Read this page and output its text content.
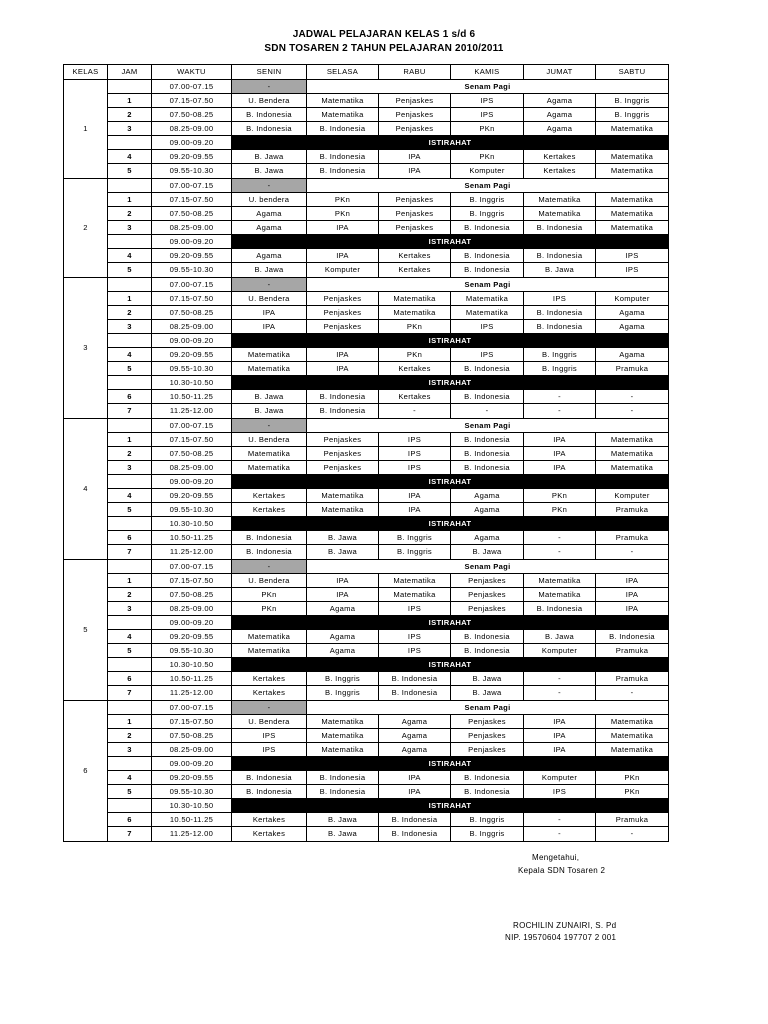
JADWAL PELAJARAN KELAS 1 s/d 6
SDN TOSAREN 2 TAHUN PELAJARAN 2010/2011
KELAS	JAM	WAKTU	SENIN	SELASA	RABU	KAMIS	JUMAT	SABTU
1		07.00-07.15	-	Senam Pagi				
	1	07.15-07.50	U. Bendera	Matematika	Penjaskes	IPS	Agama	B. Inggris
	2	07.50-08.25	B. Indonesia	Matematika	Penjaskes	IPS	Agama	B. Inggris
	3	08.25-09.00	B. Indonesia	B. Indonesia	Penjaskes	PKn	Agama	Matematika
		09.00-09.20	ISTIRAHAT					
	4	09.20-09.55	B. Jawa	B. Indonesia	IPA	PKn	Kertakes	Matematika
	5	09.55-10.30	B. Jawa	B. Indonesia	IPA	Komputer	Kertakes	Matematika
2		07.00-07.15	-	Senam Pagi				
	1	07.15-07.50	U. bendera	PKn	Penjaskes	B. Inggris	Matematika	Matematika
	2	07.50-08.25	Agama	PKn	Penjaskes	B. Inggris	Matematika	Matematika
	3	08.25-09.00	Agama	IPA	Penjaskes	B. Indonesia	B. Indonesia	Matematika
		09.00-09.20	ISTIRAHAT					
	4	09.20-09.55	Agama	IPA	Kertakes	B. Indonesia	B. Indonesia	IPS
	5	09.55-10.30	B. Jawa	Komputer	Kertakes	B. Indonesia	B. Jawa	IPS
3		07.00-07.15	-	Senam Pagi				
	1	07.15-07.50	U. Bendera	Penjaskes	Matematika	Matematika	IPS	Komputer
	2	07.50-08.25	IPA	Penjaskes	Matematika	Matematika	B. Indonesia	Agama
	3	08.25-09.00	IPA	Penjaskes	PKn	IPS	B. Indonesia	Agama
		09.00-09.20	ISTIRAHAT					
	4	09.20-09.55	Matematika	IPA	PKn	IPS	B. Inggris	Agama
	5	09.55-10.30	Matematika	IPA	Kertakes	B. Indonesia	B. Inggris	Pramuka
		10.30-10.50	ISTIRAHAT					
	6	10.50-11.25	B. Jawa	B. Indonesia	Kertakes	B. Indonesia	-	-
	7	11.25-12.00	B. Jawa	B. Indonesia	-	-	-	-
4		07.00-07.15	-	Senam Pagi				
	1	07.15-07.50	U. Bendera	Penjaskes	IPS	B. Indonesia	IPA	Matematika
	2	07.50-08.25	Matematika	Penjaskes	IPS	B. Indonesia	IPA	Matematika
	3	08.25-09.00	Matematika	Penjaskes	IPS	B. Indonesia	IPA	Matematika
		09.00-09.20	ISTIRAHAT					
	4	09.20-09.55	Kertakes	Matematika	IPA	Agama	PKn	Komputer
	5	09.55-10.30	Kertakes	Matematika	IPA	Agama	PKn	Pramuka
		10.30-10.50	ISTIRAHAT					
	6	10.50-11.25	B. Indonesia	B. Jawa	B. Inggris	Agama	-	Pramuka
	7	11.25-12.00	B. Indonesia	B. Jawa	B. Inggris	B. Jawa	-	-
5		07.00-07.15	-	Senam Pagi				
	1	07.15-07.50	U. Bendera	IPA	Matematika	Penjaskes	Matematika	IPA
	2	07.50-08.25	PKn	IPA	Matematika	Penjaskes	Matematika	IPA
	3	08.25-09.00	PKn	Agama	IPS	Penjaskes	B. Indonesia	IPA
		09.00-09.20	ISTIRAHAT					
	4	09.20-09.55	Matematika	Agama	IPS	B. Indonesia	B. Jawa	B. Indonesia
	5	09.55-10.30	Matematika	Agama	IPS	B. Indonesia	Komputer	Pramuka
		10.30-10.50	ISTIRAHAT					
	6	10.50-11.25	Kertakes	B. Inggris	B. Indonesia	B. Jawa	-	Pramuka
	7	11.25-12.00	Kertakes	B. Inggris	B. Indonesia	B. Jawa	-	-
6		07.00-07.15	-	Senam Pagi				
	1	07.15-07.50	U. Bendera	Matematika	Agama	Penjaskes	IPA	Matematika
	2	07.50-08.25	IPS	Matematika	Agama	Penjaskes	IPA	Matematika
	3	08.25-09.00	IPS	Matematika	Agama	Penjaskes	IPA	Matematika
		09.00-09.20	ISTIRAHAT					
	4	09.20-09.55	B. Indonesia	B. Indonesia	IPA	B. Indonesia	Komputer	PKn
	5	09.55-10.30	B. Indonesia	B. Indonesia	IPA	B. Indonesia	IPS	PKn
		10.30-10.50	ISTIRAHAT					
	6	10.50-11.25	Kertakes	B. Jawa	B. Indonesia	B. Inggris	-	Pramuka
	7	11.25-12.00	Kertakes	B. Jawa	B. Indonesia	B. Inggris	-	-
Mengetahui,
Kepala SDN Tosaren 2
ROCHILIN ZUNAIRI, S. Pd
NIP. 19570604 197707 2 001
